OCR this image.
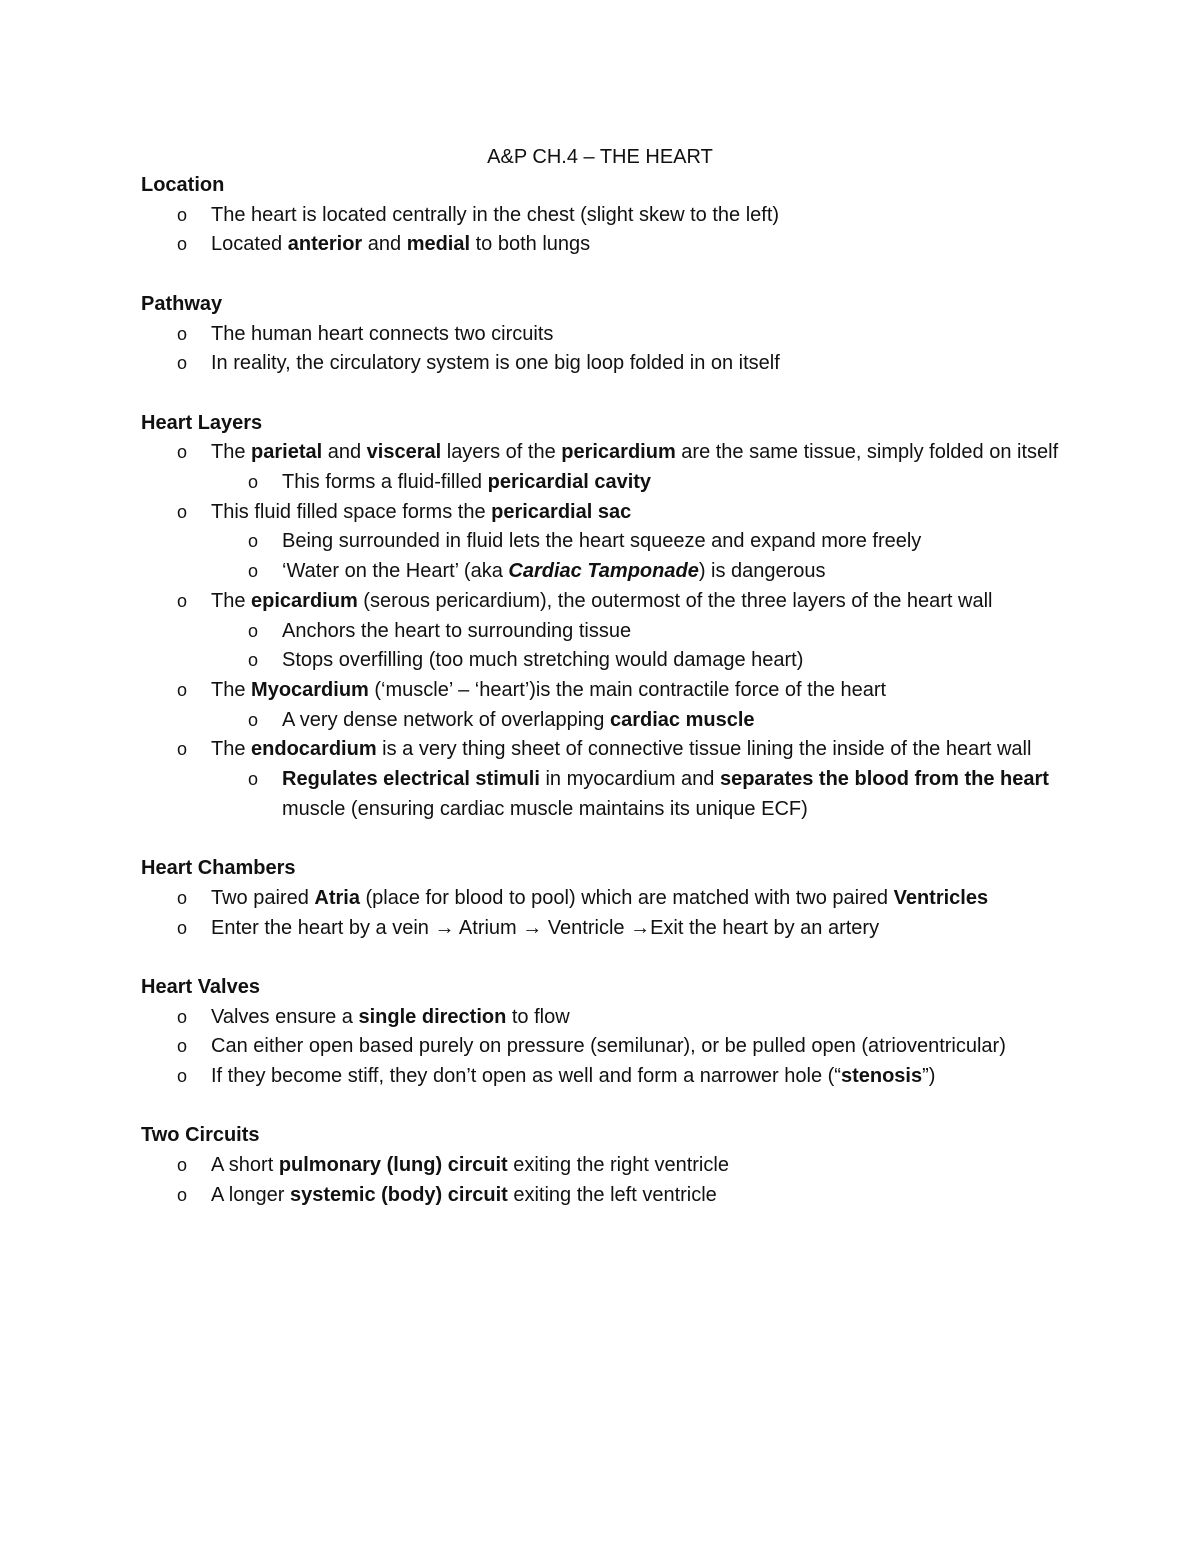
A&P CH.4 – THE HEART
Location
o The heart is located centrally in the chest (slight skew to the left)
o Located anterior and medial to both lungs
Pathway
o The human heart connects two circuits
o In reality, the circulatory system is one big loop folded in on itself
Heart Layers
o The parietal and visceral layers of the pericardium are the same tissue, simply folded on itself
o This forms a fluid-filled pericardial cavity
o This fluid filled space forms the pericardial sac
o Being surrounded in fluid lets the heart squeeze and expand more freely
o ‘Water on the Heart’ (aka Cardiac Tamponade) is dangerous
o The epicardium (serous pericardium), the outermost of the three layers of the heart wall
o Anchors the heart to surrounding tissue
o Stops overfilling (too much stretching would damage heart)
o The Myocardium (‘muscle’ – ‘heart’)is the main contractile force of the heart
o A very dense network of overlapping cardiac muscle
o The endocardium is a very thing sheet of connective tissue lining the inside of the heart wall
o Regulates electrical stimuli in myocardium and separates the blood from the heart muscle (ensuring cardiac muscle maintains its unique ECF)
Heart Chambers
o Two paired Atria (place for blood to pool) which are matched with two paired Ventricles
o Enter the heart by a vein → Atrium → Ventricle →Exit the heart by an artery
Heart Valves
o Valves ensure a single direction to flow
o Can either open based purely on pressure (semilunar), or be pulled open (atrioventricular)
o If they become stiff, they don’t open as well and form a narrower hole (“stenosis”)
Two Circuits
o A short pulmonary (lung) circuit exiting the right ventricle
o A longer systemic (body) circuit exiting the left ventricle
